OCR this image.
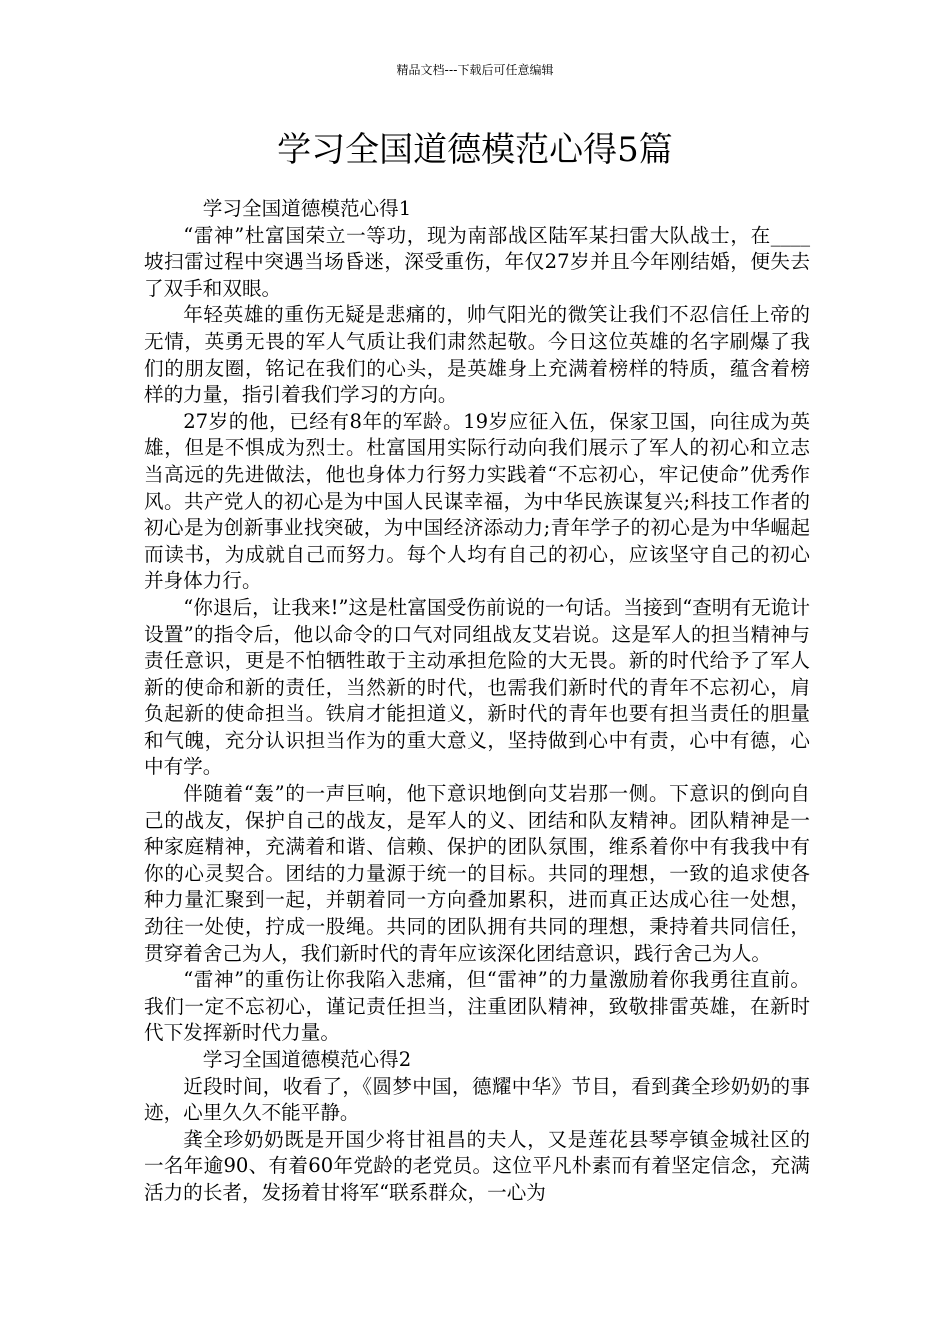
精品文档---下载后可任意编辑
学习全国道德模范心得5篇

学习全国道德模范心得1

“雷神”杜富国荣立一等功，现为南部战区陆军某扫雷大队战士，在____坡扫雷过程中突遇当场昏迷，深受重伤，年仅27岁并且今年刚结婚，便失去了双手和双眼。

年轻英雄的重伤无疑是悲痛的，帅气阳光的微笑让我们不忍信任上帝的无情，英勇无畏的军人气质让我们肃然起敬。今日这位英雄的名字刷爆了我们的朋友圈，铭记在我们的心头，是英雄身上充满着榜样的特质，蕴含着榜样的力量，指引着我们学习的方向。

27岁的他，已经有8年的军龄。19岁应征入伍，保家卫国，向往成为英雄，但是不惧成为烈士。杜富国用实际行动向我们展示了军人的初心和立志当高远的先进做法，他也身体力行努力实践着“不忘初心，牢记使命”优秀作风。共产党人的初心是为中国人民谋幸福，为中华民族谋复兴;科技工作者的初心是为创新事业找突破，为中国经济添动力;青年学子的初心是为中华崛起而读书，为成就自己而努力。每个人均有自己的初心，应该坚守自己的初心并身体力行。

“你退后，让我来!”这是杜富国受伤前说的一句话。当接到“查明有无诡计设置”的指令后，他以命令的口气对同组战友艾岩说。这是军人的担当精神与责任意识，更是不怕牺牲敢于主动承担危险的大无畏。新的时代给予了军人新的使命和新的责任，当然新的时代，也需我们新时代的青年不忘初心，肩负起新的使命担当。铁肩才能担道义，新时代的青年也要有担当责任的胆量和气魄，充分认识担当作为的重大意义，坚持做到心中有责，心中有德，心中有学。

伴随着“轰”的一声巨响，他下意识地倒向艾岩那一侧。下意识的倒向自己的战友，保护自己的战友，是军人的义、团结和队友精神。团队精神是一种家庭精神，充满着和谐、信赖、保护的团队氛围，维系着你中有我我中有你的心灵契合。团结的力量源于统一的目标。共同的理想，一致的追求使各种力量汇聚到一起，并朝着同一方向叠加累积，进而真正达成心往一处想，劲往一处使，拧成一股绳。共同的团队拥有共同的理想，秉持着共同信任，贯穿着舍己为人，我们新时代的青年应该深化团结意识，践行舍己为人。

“雷神”的重伤让你我陷入悲痛，但“雷神”的力量激励着你我勇往直前。我们一定不忘初心，谨记责任担当，注重团队精神，致敬排雷英雄，在新时代下发挥新时代力量。

学习全国道德模范心得2

近段时间，收看了，《圆梦中国，德耀中华》节目，看到龚全珍奶奶的事迹，心里久久不能平静。

龚全珍奶奶既是开国少将甘祖昌的夫人，又是莲花县琴亭镇金城社区的一名年逾90、有着60年党龄的老党员。这位平凡朴素而有着坚定信念，充满活力的长者，发扬着甘将军“联系群众，一心为
